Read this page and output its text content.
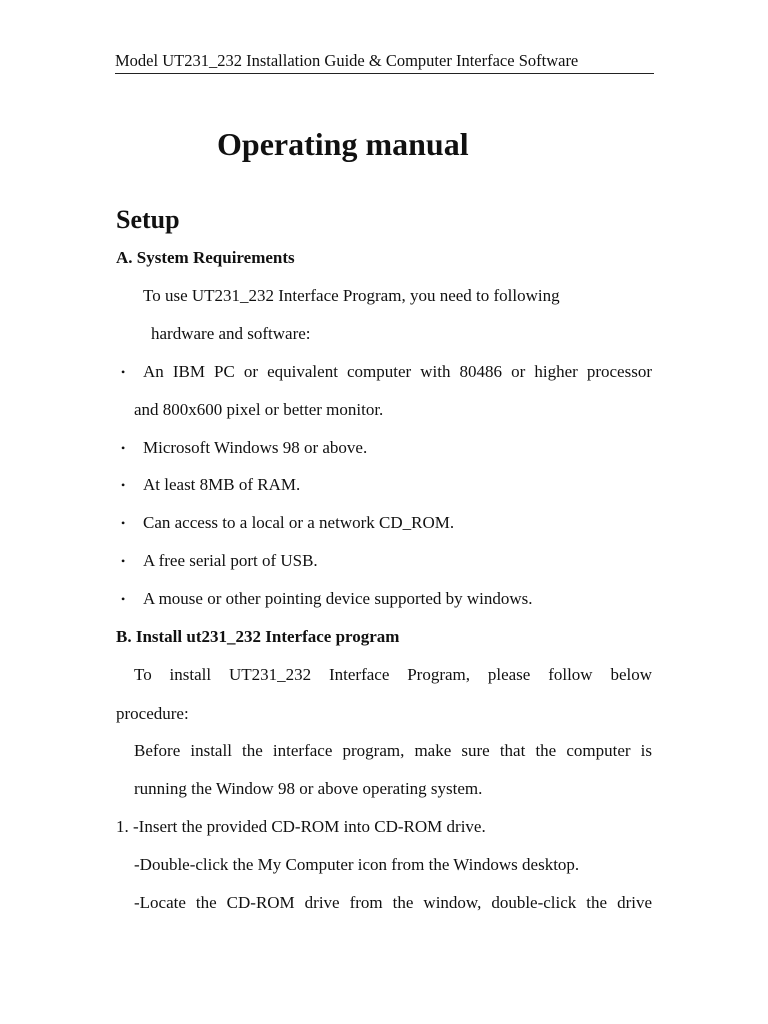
Model UT231_232 Installation Guide & Computer Interface Software
Operating manual
Setup
A. System Requirements
To use UT231_232 Interface Program, you need to following
hardware and software:
• An IBM PC or equivalent computer with 80486 or higher processor
and 800x600 pixel or better monitor.
• Microsoft Windows 98 or above.
• At least 8MB of RAM.
• Can access to a local or a network CD_ROM.
• A free serial port of USB.
• A mouse or other pointing device supported by windows.
B. Install ut231_232 Interface program
To install UT231_232 Interface Program, please follow below
procedure:
Before install the interface program, make sure that the computer is
running the Window 98 or above operating system.
1. -Insert the provided CD-ROM into CD-ROM drive.
-Double-click the My Computer icon from the Windows desktop.
-Locate the CD-ROM drive from the window, double-click the drive
